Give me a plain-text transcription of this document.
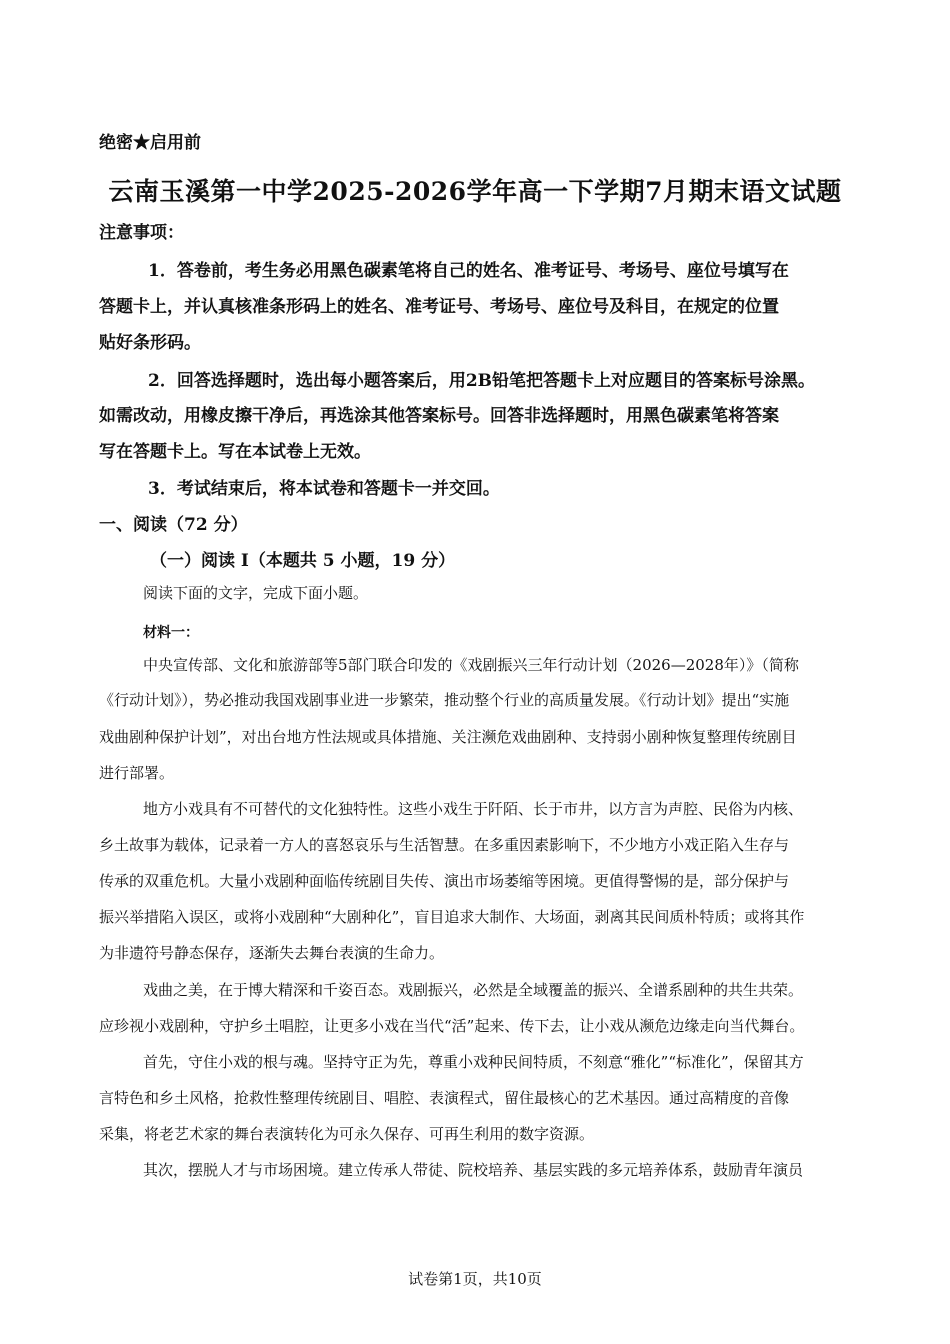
绝密★启用前
云南玉溪第一中学2025-2026学年高一下学期7月期末语文试题
注意事项：
1．答卷前，考生务必用黑色碳素笔将自己的姓名、准考证号、考场号、座位号填写在
答题卡上，并认真核准条形码上的姓名、准考证号、考场号、座位号及科目，在规定的位置
贴好条形码。
2．回答选择题时，选出每小题答案后，用2B铅笔把答题卡上对应题目的答案标号涂黑。
如需改动，用橡皮擦干净后，再选涂其他答案标号。回答非选择题时，用黑色碳素笔将答案
写在答题卡上。写在本试卷上无效。
3．考试结束后，将本试卷和答题卡一并交回。
一、阅读（72 分）
（一）阅读 I（本题共 5 小题，19 分）
阅读下面的文字，完成下面小题。
材料一：
中央宣传部、文化和旅游部等5部门联合印发的《戏剧振兴三年行动计划（2026—2028年）》（简称
《行动计划》），势必推动我国戏剧事业进一步繁荣，推动整个行业的高质量发展。《行动计划》提出“实施
戏曲剧种保护计划”，对出台地方性法规或具体措施、关注濒危戏曲剧种、支持弱小剧种恢复整理传统剧目
进行部署。
地方小戏具有不可替代的文化独特性。这些小戏生于阡陌、长于市井，以方言为声腔、民俗为内核、
乡土故事为载体，记录着一方人的喜怒哀乐与生活智慧。在多重因素影响下，不少地方小戏正陷入生存与
传承的双重危机。大量小戏剧种面临传统剧目失传、演出市场萎缩等困境。更值得警惕的是，部分保护与
振兴举措陷入误区，或将小戏剧种“大剧种化”，盲目追求大制作、大场面，剥离其民间质朴特质；或将其作
为非遗符号静态保存，逐渐失去舞台表演的生命力。
戏曲之美，在于博大精深和千姿百态。戏剧振兴，必然是全域覆盖的振兴、全谱系剧种的共生共荣。
应珍视小戏剧种，守护乡土唱腔，让更多小戏在当代“活”起来、传下去，让小戏从濒危边缘走向当代舞台。
首先，守住小戏的根与魂。坚持守正为先，尊重小戏种民间特质，不刻意“雅化”“标准化”，保留其方
言特色和乡土风格，抢救性整理传统剧目、唱腔、表演程式，留住最核心的艺术基因。通过高精度的音像
采集，将老艺术家的舞台表演转化为可永久保存、可再生利用的数字资源。
其次，摆脱人才与市场困境。建立传承人带徒、院校培养、基层实践的多元培养体系，鼓励青年演员
试卷第1页，共10页
